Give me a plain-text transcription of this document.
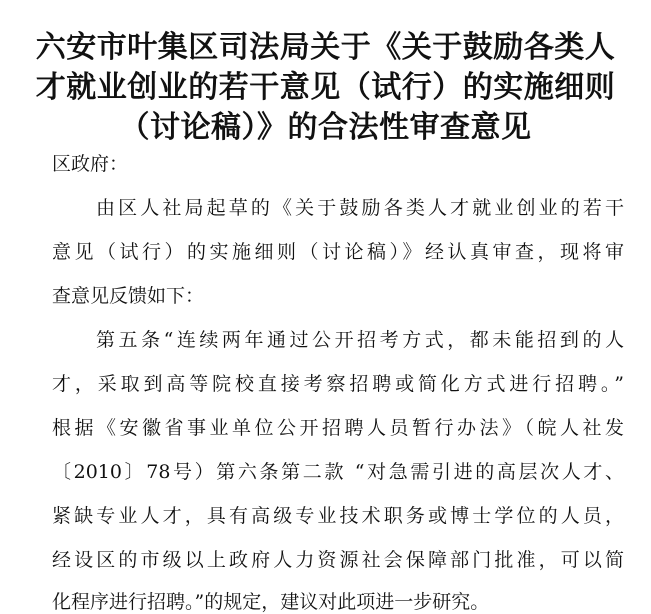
六安市叶集区司法局关于《关于鼓励各类人
才就业创业的若干意见（试行）的实施细则
（讨论稿）》的合法性审查意见
区政府：
由区人社局起草的《关于鼓励各类人才就业创业的若干
意见（试行）的实施细则（讨论稿）》经认真审查，现将审
查意见反馈如下：
第五条“连续两年通过公开招考方式，都未能招到的人
才，采取到高等院校直接考察招聘或简化方式进行招聘。”
根据《安徽省事业单位公开招聘人员暂行办法》（皖人社发
〔2010〕78号）第六条第二款 “对急需引进的高层次人才、
紧缺专业人才，具有高级专业技术职务或博士学位的人员，
经设区的市级以上政府人力资源社会保障部门批准，可以简
化程序进行招聘。”的规定，建议对此项进一步研究。
